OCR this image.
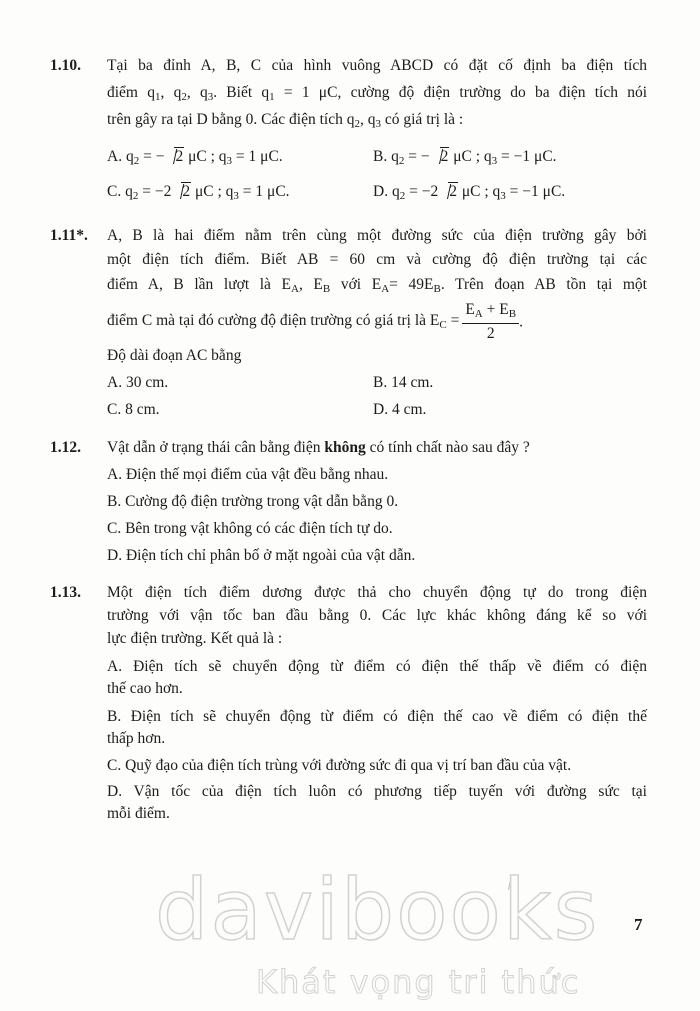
1.10. Tại ba đỉnh A, B, C của hình vuông ABCD có đặt cố định ba điện tích
điểm $q_1$, $q_2$, $q_3$. Biết $q_1 = 1$ μC, cường độ điện trường do ba điện tích nói
trên gây ra tại D bằng 0. Các điện tích $q_2$, $q_3$ có giá trị là :
A. $q_2$ = − 2 μC ; $q_3 = 1$ μC.	B. $q_2$ = − 2 μC ; $q_3 = -1$ μC.
C. $q_2 = -2$ 2 μC ; $q_3 = 1$ μC.	D. $q_2 = -2$ 2 μC ; $q_3 = -1$ μC.
1.11*. A, B là hai điểm nằm trên cùng một đường sức của điện trường gây bởi
một điện tích điểm. Biết AB = 60 cm và cường độ điện trường tại các
điểm A, B lần lượt là $E_A$, $E_B$ với $E_A= 49E_B$. Trên đoạn AB tồn tại một
điểm C mà tại đó cường độ điện trường có giá trị là $E_C = \frac{E_A + E_B}{2}$ .
Độ dài đoạn AC bằng
A. 30 cm.	B. 14 cm.
C. 8 cm.	D. 4 cm.
1.12. Vật dẫn ở trạng thái cân bằng điện không có tính chất nào sau đây ?
A. Điện thế mọi điểm của vật đều bằng nhau.
B. Cường độ điện trường trong vật dẫn bằng 0.
C. Bên trong vật không có các điện tích tự do.
D. Điện tích chỉ phân bố ở mặt ngoài của vật dẫn.
1.13. Một điện tích điểm dương được thả cho chuyển động tự do trong điện
trường với vận tốc ban đầu bằng 0. Các lực khác không đáng kể so với
lực điện trường. Kết quả là :
A. Điện tích sẽ chuyển động từ điểm có điện thế thấp về điểm có điện
thế cao hơn.
B. Điện tích sẽ chuyển động từ điểm có điện thế cao về điểm có điện thế
thấp hơn.
C. Quỹ đạo của điện tích trùng với đường sức đi qua vị trí ban đầu của vật.
D. Vận tốc của điện tích luôn có phương tiếp tuyến với đường sức tại
mỗi điểm.
7
davibooks
Khát vọng tri thức
